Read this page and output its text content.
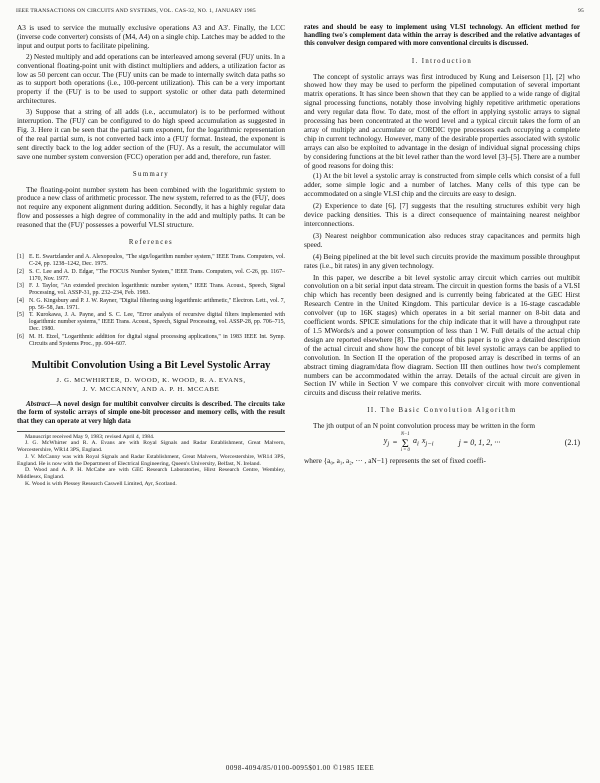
IEEE TRANSACTIONS ON CIRCUITS AND SYSTEMS, VOL. CAS-32, NO. 1, JANUARY 1985	95

A3 is used to service the mutually exclusive operations A3 and A3'. Finally, the LCC (inverse code converter) consists of (M4, A4) on a single chip. Latches may be added to the input and output ports to facilitate pipelining.

2) Nested multiply and add operations can be interleaved among several (FU)' units. In a conventional floating-point unit with distinct multipliers and adders, a utilization factor as low as 50 percent can occur. The (FU)' units can be made to internally switch data paths so as to support both operations (i.e., 100-percent utilization). This can be a very important property if the (FU)' is to be used to support systolic or other data path determined architectures.

3) Suppose that a string of all adds (i.e., accumulator) is to be performed without interruption. The (FU)' can be configured to do high speed accumulation as suggested in Fig. 3. Here it can be seen that the partial sum exponent, for the logarithmic representation of the real partial sum, is not converted back into a (FU)' format. Instead, the exponent is sent directly back to the log adder section of the (FU)'. As a result, the accumulator will save one number system conversion (FCC) operation per add and, therefore, run faster.

Summary

The floating-point number system has been combined with the logarithmic system to produce a new class of arithmetic processor. The new system, referred to as the (FU)', does not require any exponent alignment during addition. Secondly, it has a highly regular data flow and possesses a high degree of commonality in the add and multiply paths. It can be reasoned that the (FU)' possesses a powerful VLSI structure.

References
[1] E. E. Swartzlander and A. Alexopoulos, "The sign/logarithm number system," IEEE Trans. Computers, vol. C-24, pp. 1238–1242, Dec. 1975.
[2] S. C. Lee and A. D. Edgar, "The FOCUS Number System," IEEE Trans. Computers, vol. C-26, pp. 1167–1170, Nov. 1977.
[3] F. J. Taylor, "An extended precision logarithmic number system," IEEE Trans. Acoust., Speech, Signal Processing, vol. ASSP-31, pp. 232–234, Feb. 1983.
[4] N. G. Kingsbury and P. J. W. Rayner, "Digital filtering using logarithmic arithmetic," Electron. Lett., vol. 7, pp. 56–58, Jan. 1971.
[5] T. Kurokawa, J. A. Payne, and S. C. Lee, "Error analysis of recursive digital filters implemented with logarithmic number systems," IEEE Trans. Acoust., Speech, Signal Processing, vol. ASSP-28, pp. 706–715, Dec. 1980.
[6] M. H. Etzel, "Logarithmic addition for digital signal processing applications," in 1983 IEEE Int. Symp. Circuits and Systems Proc., pp. 604–607.
Multibit Convolution Using a Bit Level Systolic Array
J. G. MCWHIRTER, D. WOOD, K. WOOD, R. A. EVANS,
J. V. MCCANNY, AND A. P. H. MCCABE

Abstract—A novel design for multibit convolver circuits is described. The circuits take the form of systolic arrays of simple one-bit processor and memory cells, with the result that they can operate at very high data

Manuscript received May 9, 1983; revised April 4, 1984.

J. G. McWhirter and R. A. Evans are with Royal Signals and Radar Establishment, Great Malvern, Worcestershire, WR14 3PS, England.

J. V. McCanny was with Royal Signals and Radar Establishment, Great Malvern, Worcestershire, WR14 3PS, England. He is now with the Department of Electrical Engineering, Queen's University, Belfast, N. Ireland.

D. Wood and A. P. H. McCabe are with GEC Research Laboratories, Hirst Research Centre, Wembley, Middlesex, England.

K. Wood is with Plessey Research Caswell Limited, Ayr, Scotland.

rates and should be easy to implement using VLSI technology. An efficient method for handling two's complement data within the array is described and the relative advantages of this convolver design compared with more conventional circuits is discussed.

I. Introduction

The concept of systolic arrays was first introduced by Kung and Leiserson [1], [2] who showed how they may be used to perform the pipelined computation of several important matrix operations. It has since been shown that they can be applied to a wide range of digital signal processing functions, notably those involving highly repetitive arithmetic operations and very regular data flow. To date, most of the effort in applying systolic arrays to signal processing has been concentrated at the word level and a typical circuit takes the form of an array of multiply and accumulate or CORDIC type processors each occupying a complete chip in current technology. However, many of the desirable properties associated with systolic arrays can also be exploited to advantage in the design of individual signal processing chips by considering functions at the bit level rather than the word level [3]–[5]. There are a number of good reasons for doing this:

(1) At the bit level a systolic array is constructed from simple cells which consist of a full adder, some simple logic and a number of latches. Many cells of this type can be accommodated on a single VLSI chip and the circuits are easy to design.

(2) Experience to date [6], [7] suggests that the resulting structures exhibit very high device packing densities. This is a direct consequence of maintaining nearest neighbor interconnections.

(3) Nearest neighbor communication also reduces stray capacitances and permits high speed.

(4) Being pipelined at the bit level such circuits provide the maximum possible throughput rates (i.e., bit rates) in any given technology.

In this paper, we describe a bit level systolic array circuit which carries out multibit convolution on a bit serial input data stream. The circuit in question forms the basis of a VLSI chip which has recently been designed and is currently being fabricated at the GEC Hirst Research Centre in the United Kingdom. This particular device is a 16-stage cascadable convolver (up to 16K stages) which operates in a bit serial manner on 8-bit data and coefficient words. SPICE simulations for the chip indicate that it will have a throughput rate of 1.5 MWords/s and a power consumption of less than 1 W. Full details of the actual chip design are reported elsewhere [8]. The purpose of this paper is to give a detailed description of the actual circuit and show how the concept of bit level systolic arrays can be applied to convolution. In Section II the operation of the proposed array is described in terms of an abstract timing diagram/data flow diagram. Section III then outlines how two's complement numbers can be accommodated within the array. Details of the actual circuit are given in Section IV while in Section V we compare this convolver circuit with more conventional circuits and discuss their relative merits.

II. The Basic Convolution Algorithm

The jth output of an N point convolution process may be written in the form

$y_j$ =
N−1
Σ
i = 0
$a_i$ $x_{j-i}$	j = 0, 1, 2, ···	(2.1)

where {a₀, a₁, a₂, ··· , aN−1} represents the set of fixed coeffi-

0098-4094/85/0100-0095$01.00 ©1985 IEEE
